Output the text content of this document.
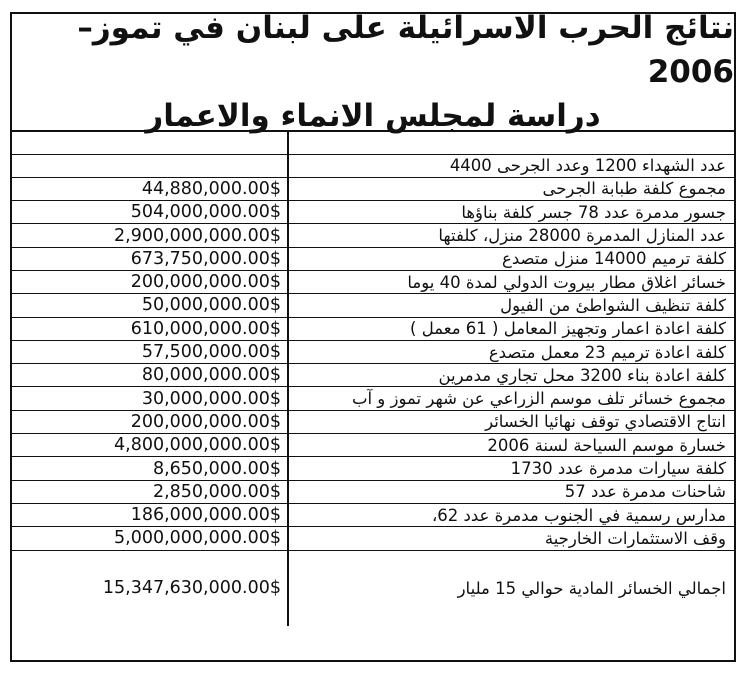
نتائج الحرب الاسرائيلة على لبنان في تموز– 2006
دراسة لمجلس الانماء والاعمار

	عدد الشهداء 1200 وعدد الجرحى 4400
44,880,000.00$	مجموع كلفة طبابة الجرحى
504,000,000.00$	جسور مدمرة عدد 78 جسر كلفة بناؤها
2,900,000,000.00$	عدد المنازل المدمرة 28000 منزل، كلفتها
673,750,000.00$	كلفة ترميم 14000 منزل متصدع
200,000,000.00$	خسائر اغلاق مطار بيروت الدولي لمدة 40 يوما
50,000,000.00$	كلفة تنظيف الشواطئ من الفيول
610,000,000.00$	كلفة اعادة اعمار وتجهيز المعامل ( 61 معمل )
57,500,000.00$	كلفة اعادة ترميم 23 معمل متصدع
80,000,000.00$	كلفة اعادة بناء 3200 محل تجاري مدمرين
30,000,000.00$	مجموع خسائر تلف موسم الزراعي عن شهر تموز و آب
200,000,000.00$	انتاج الاقتصادي توقف نهائيا الخسائر
4,800,000,000.00$	خسارة موسم السياحة لسنة 2006
8,650,000.00$	كلفة سيارات مدمرة عدد 1730
2,850,000.00$	شاحنات مدمرة عدد 57
186,000,000.00$	مدارس رسمية في الجنوب مدمرة عدد 62،
5,000,000,000.00$	وقف الاستثمارات الخارجية
15,347,630,000.00$	اجمالي الخسائر المادية حوالي 15 مليار
